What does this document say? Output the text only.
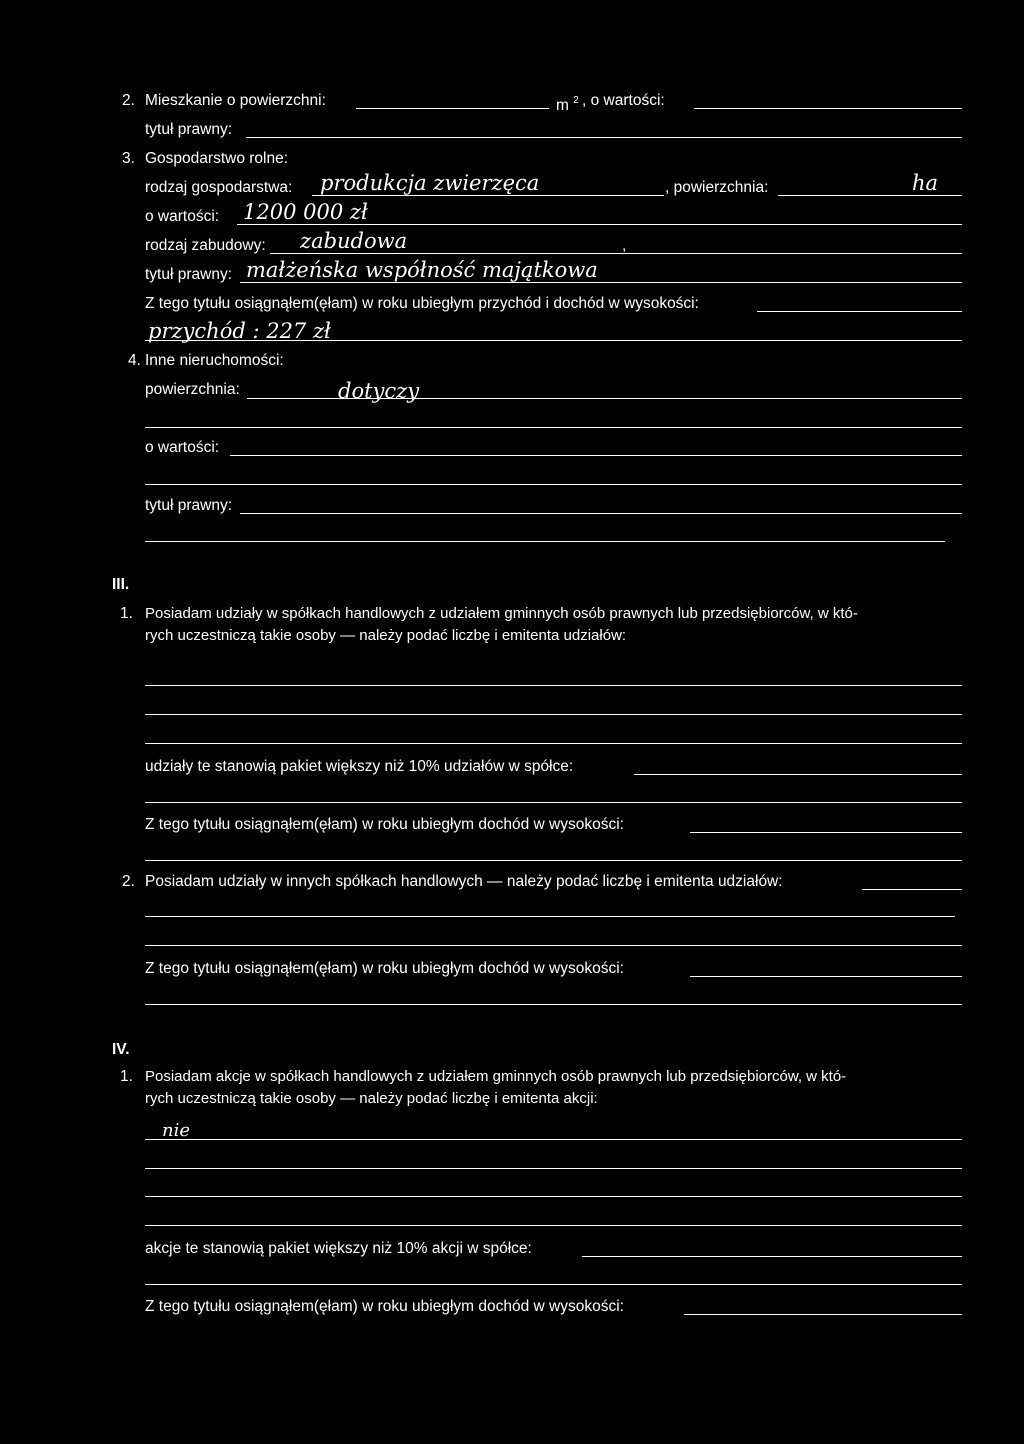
2. Mieszkanie o powierzchni:	m $^2$ , o wartości:
tytuł prawny:
3. Gospodarstwo rolne:
rodzaj gospodarstwa: produkcja zwierzęca	, powierzchnia:	ha
o wartości: 1200 000 zł
rodzaj zabudowy: zabudowa	,
tytuł prawny: małżeńska współność majątkowa
Z tego tytułu osiągnąłem(ęłam) w roku ubiegłym przychód i dochód w wysokości:
przychód : 227 zł
4. Inne nieruchomości:
powierzchnia:	dotyczy
o wartości:
tytuł prawny:
III.
1. Posiadam udziały w spółkach handlowych z udziałem gminnych osób prawnych lub przedsiębiorców, w któ-
rych uczestniczą takie osoby — należy podać liczbę i emitenta udziałów:
udziały te stanowią pakiet większy niż 10% udziałów w spółce:
Z tego tytułu osiągnąłem(ęłam) w roku ubiegłym dochód w wysokości:
2. Posiadam udziały w innych spółkach handlowych — należy podać liczbę i emitenta udziałów:
Z tego tytułu osiągnąłem(ęłam) w roku ubiegłym dochód w wysokości:
IV.
1. Posiadam akcje w spółkach handlowych z udziałem gminnych osób prawnych lub przedsiębiorców, w któ-
rych uczestniczą takie osoby — należy podać liczbę i emitenta akcji:
nie
akcje te stanowią pakiet większy niż 10% akcji w spółce:
Z tego tytułu osiągnąłem(ęłam) w roku ubiegłym dochód w wysokości:
